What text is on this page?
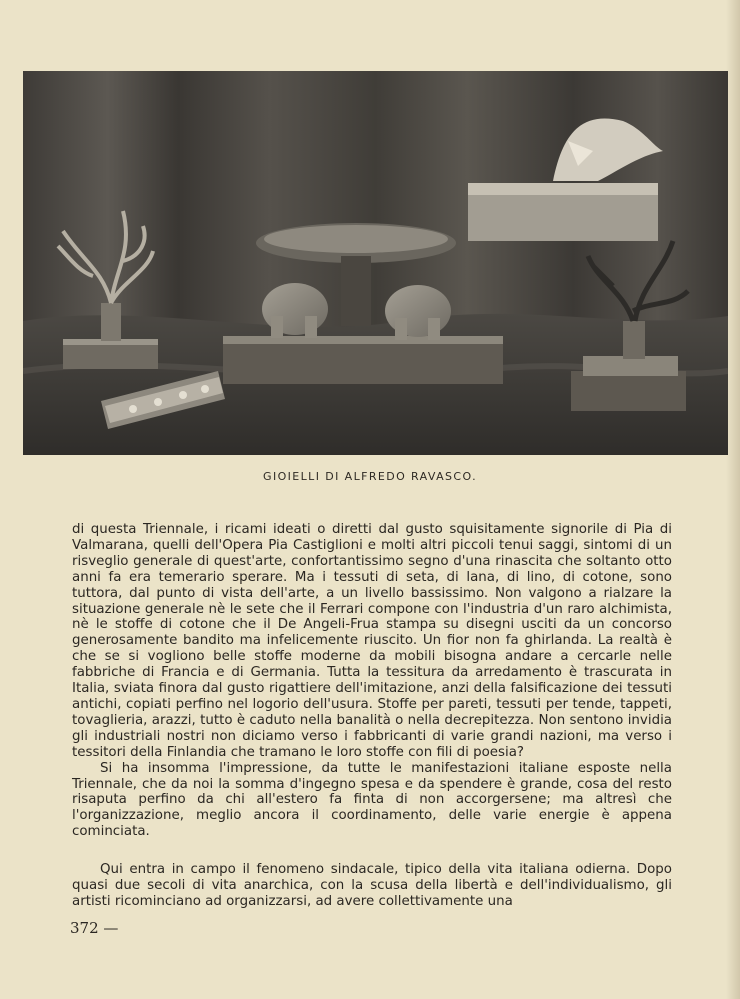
GIOIELLI DI ALFREDO RAVASCO.

di questa Triennale, i ricami ideati o diretti dal gusto squisitamente signorile di Pia di Valmarana, quelli dell'Opera Pia Castiglioni e molti altri piccoli tenui saggi, sintomi di un risveglio generale di quest'arte, confortantissimo segno d'una rinascita che soltanto otto anni fa era temerario sperare. Ma i tessuti di seta, di lana, di lino, di cotone, sono tuttora, dal punto di vista dell'arte, a un livello bassissimo. Non valgono a rialzare la situazione generale nè le sete che il Ferrari compone con l'industria d'un raro alchimista, nè le stoffe di cotone che il De Angeli-Frua stampa su disegni usciti da un concorso generosamente bandito ma infelicemente riuscito. Un fior non fa ghirlanda. La realtà è che se si vogliono belle stoffe moderne da mobili bisogna andare a cercarle nelle fabbriche di Francia e di Germania. Tutta la tessitura da arredamento è trascurata in Italia, sviata finora dal gusto rigattiere dell'imitazione, anzi della falsificazione dei tessuti antichi, copiati perfino nel logorio dell'usura. Stoffe per pareti, tessuti per tende, tappeti, tovaglieria, arazzi, tutto è caduto nella banalità o nella decrepitezza. Non sentono invidia gli industriali nostri non diciamo verso i fabbricanti di varie grandi nazioni, ma verso i tessitori della Finlandia che tramano le loro stoffe con fili di poesia?

Si ha insomma l'impressione, da tutte le manifestazioni italiane esposte nella Triennale, che da noi la somma d'ingegno spesa e da spendere è grande, cosa del resto risaputa perfino da chi all'estero fa finta di non accorgersene; ma altresì che l'organizzazione, meglio ancora il coordinamento, delle varie energie è appena cominciata.

Qui entra in campo il fenomeno sindacale, tipico della vita italiana odierna. Dopo quasi due secoli di vita anarchica, con la scusa della libertà e dell'individualismo, gli artisti ricominciano ad organizzarsi, ad avere collettivamente una

372 —
